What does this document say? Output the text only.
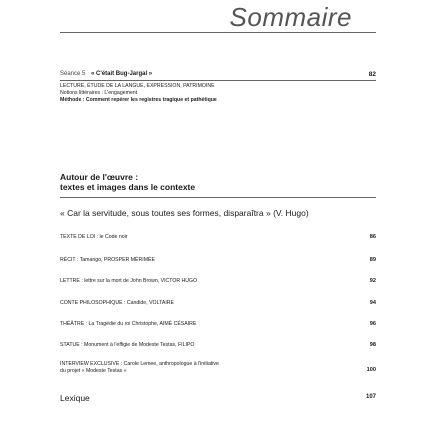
Sommaire
Séance 5 « C'était Bug-Jargal »	82
LECTURE, ÉTUDE DE LA LANGUE, EXPRESSION, PATRIMOINE
Notions littéraires : L'engagement
Méthode : Comment repérer les registres tragique et pathétique
Autour de l'œuvre :
textes et images dans le contexte
« Car la servitude, sous toutes ses formes, disparaîtra » (V. Hugo)
TEXTE DE LOI : le Code noir	86
RÉCIT : Tamango, PROSPER MÉRIMÉE	89
LETTRE : lettre sur la mort de John Brown, VICTOR HUGO	92
CONTE PHILOSOPHIQUE : Candide, VOLTAIRE	94
THÉÂTRE : La Tragédie du roi Christophe, AIMÉ CÉSAIRE	96
STATUE : Monument à l'effigie de Modeste Testas, FILIPO	98
INTERVIEW EXCLUSIVE : Carole Lemee, anthropologue à l'initiative
du projet « Modeste Testas »	100
Lexique	107
